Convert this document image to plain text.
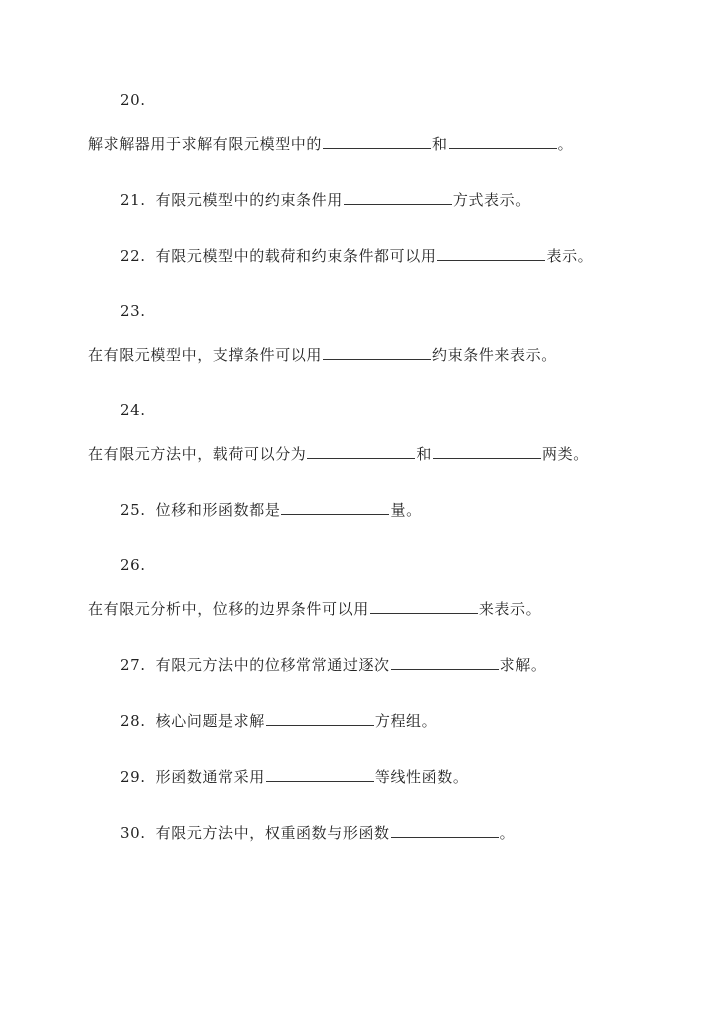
20.
解求解器用于求解有限元模型中的	和	。
21. 有限元模型中的约束条件用	方式表示。
22. 有限元模型中的载荷和约束条件都可以用	表示。
23.
在有限元模型中，支撑条件可以用	约束条件来表示。
24.
在有限元方法中，载荷可以分为	和	两类。
25. 位移和形函数都是	量。
26.
在有限元分析中，位移的边界条件可以用	来表示。
27. 有限元方法中的位移常常通过逐次	求解。
28. 核心问题是求解	方程组。
29. 形函数通常采用	等线性函数。
30. 有限元方法中，权重函数与形函数	。
